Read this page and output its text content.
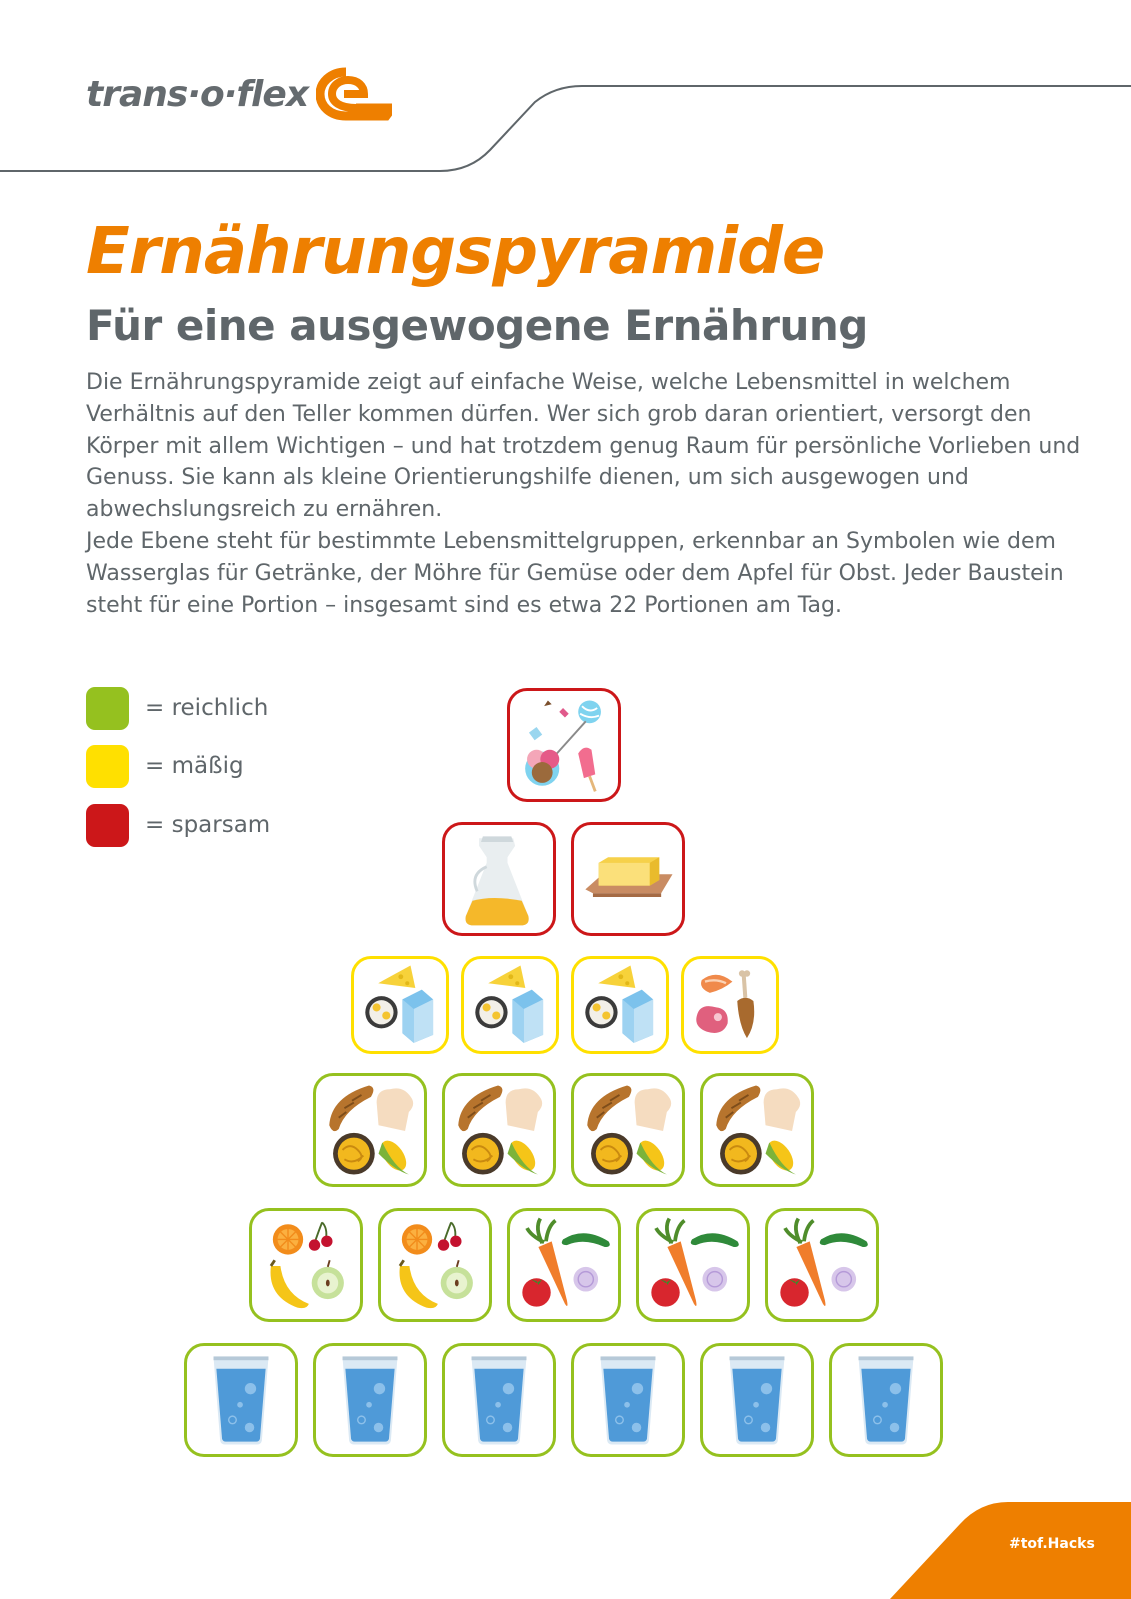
trans·o·flex
Ernährungspyramide
Für eine ausgewogene Ernährung

Die Ernährungspyramide zeigt auf einfache Weise, welche Lebensmittel in welchem Verhältnis auf den Teller kommen dürfen. Wer sich grob daran orientiert, versorgt den Körper mit allem Wichtigen – und hat trotzdem genug Raum für persönliche Vorlieben und Genuss. Sie kann als kleine Orientierungshilfe dienen, um sich ausgewogen und abwechslungsreich zu ernähren.

Jede Ebene steht für bestimmte Lebensmittelgruppen, erkennbar an Symbolen wie dem Wasserglas für Getränke, der Möhre für Gemüse oder dem Apfel für Obst. Jeder Baustein steht für eine Portion – insgesamt sind es etwa 22 Portionen am Tag.

= reichlich
= mäßig
= sparsam
#tof.Hacks
